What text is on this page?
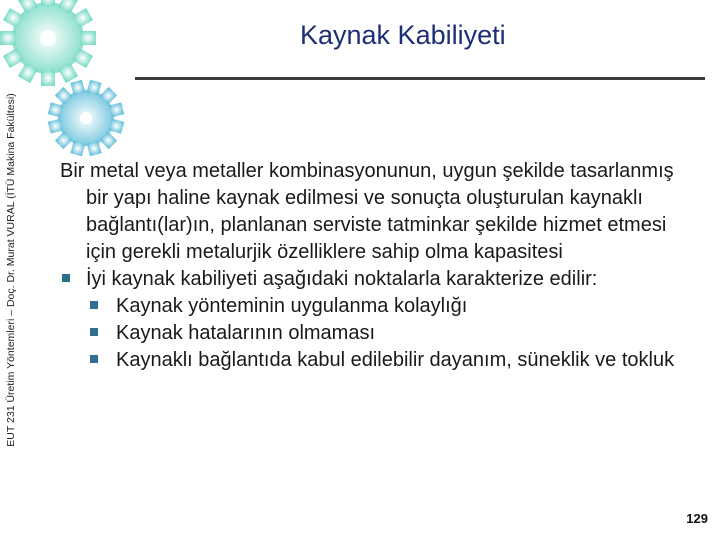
EUT 231 Üretim Yöntemleri – Doç. Dr. Murat VURAL (İTÜ Makina Fakültesi)
Kaynak Kabiliyeti

Bir metal veya metaller kombinasyonunun, uygun şekilde tasarlanmış bir yapı haline kaynak edilmesi ve sonuçta oluşturulan kaynaklı bağlantı(lar)ın, planlanan serviste tatminkar şekilde hizmet etmesi için gerekli metalurjik özelliklere sahip olma kapasitesi

İyi kaynak kabiliyeti aşağıdaki noktalarla karakterize edilir:
Kaynak yönteminin uygulanma kolaylığı
Kaynak hatalarının olmaması
Kaynaklı bağlantıda kabul edilebilir dayanım, süneklik ve tokluk
129
